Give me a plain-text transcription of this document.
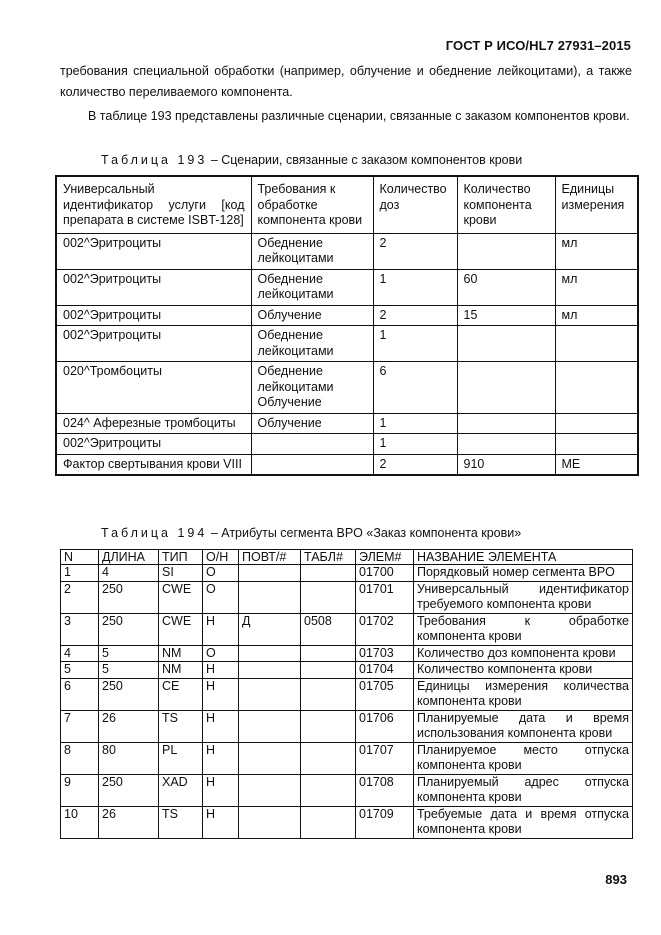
ГОСТ Р ИСО/HL7 27931–2015

требования специальной обработки (например, облучение и обеднение лейкоцитами), а также количество переливаемого компонента.

В таблице 193 представлены различные сценарии, связанные с заказом компонентов крови.

Таблица 193 – Сценарии, связанные с заказом компонентов крови
Универсальный идентификатор услуги [код препарата в системе ISBT-128]	Требования к обработке компонента крови	Количество доз	Количество компонента крови	Единицы измерения
002^Эритроциты	Обеднение лейкоцитами	2		мл
002^Эритроциты	Обеднение лейкоцитами	1	60	мл
002^Эритроциты	Облучение	2	15	мл
002^Эритроциты	Обеднение лейкоцитами	1		
020^Тромбоциты	Обеднение лейкоцитами Облучение	6		
024^ Аферезные тромбоциты	Облучение	1		
002^Эритроциты		1		
Фактор свертывания крови VIII		2	910	МЕ
Таблица 194 – Атрибуты сегмента BPO «Заказ компонента крови»
N	ДЛИНА	ТИП	О/Н	ПОВТ/#	ТАБЛ#	ЭЛЕМ#	НАЗВАНИЕ ЭЛЕМЕНТА
1	4	SI	O			01700	Порядковый номер сегмента BPO
2	250	CWE	O			01701	Универсальный идентификатор требуемого компонента крови
3	250	CWE	Н	Д	0508	01702	Требования к обработке компонента крови
4	5	NM	O			01703	Количество доз компонента крови
5	5	NM	Н			01704	Количество компонента крови
6	250	CE	Н			01705	Единицы измерения количества компонента крови
7	26	TS	Н			01706	Планируемые дата и время использования компонента крови
8	80	PL	Н			01707	Планируемое место отпуска компонента крови
9	250	XAD	Н			01708	Планируемый адрес отпуска компонента крови
10	26	TS	Н			01709	Требуемые дата и время отпуска компонента крови
893
